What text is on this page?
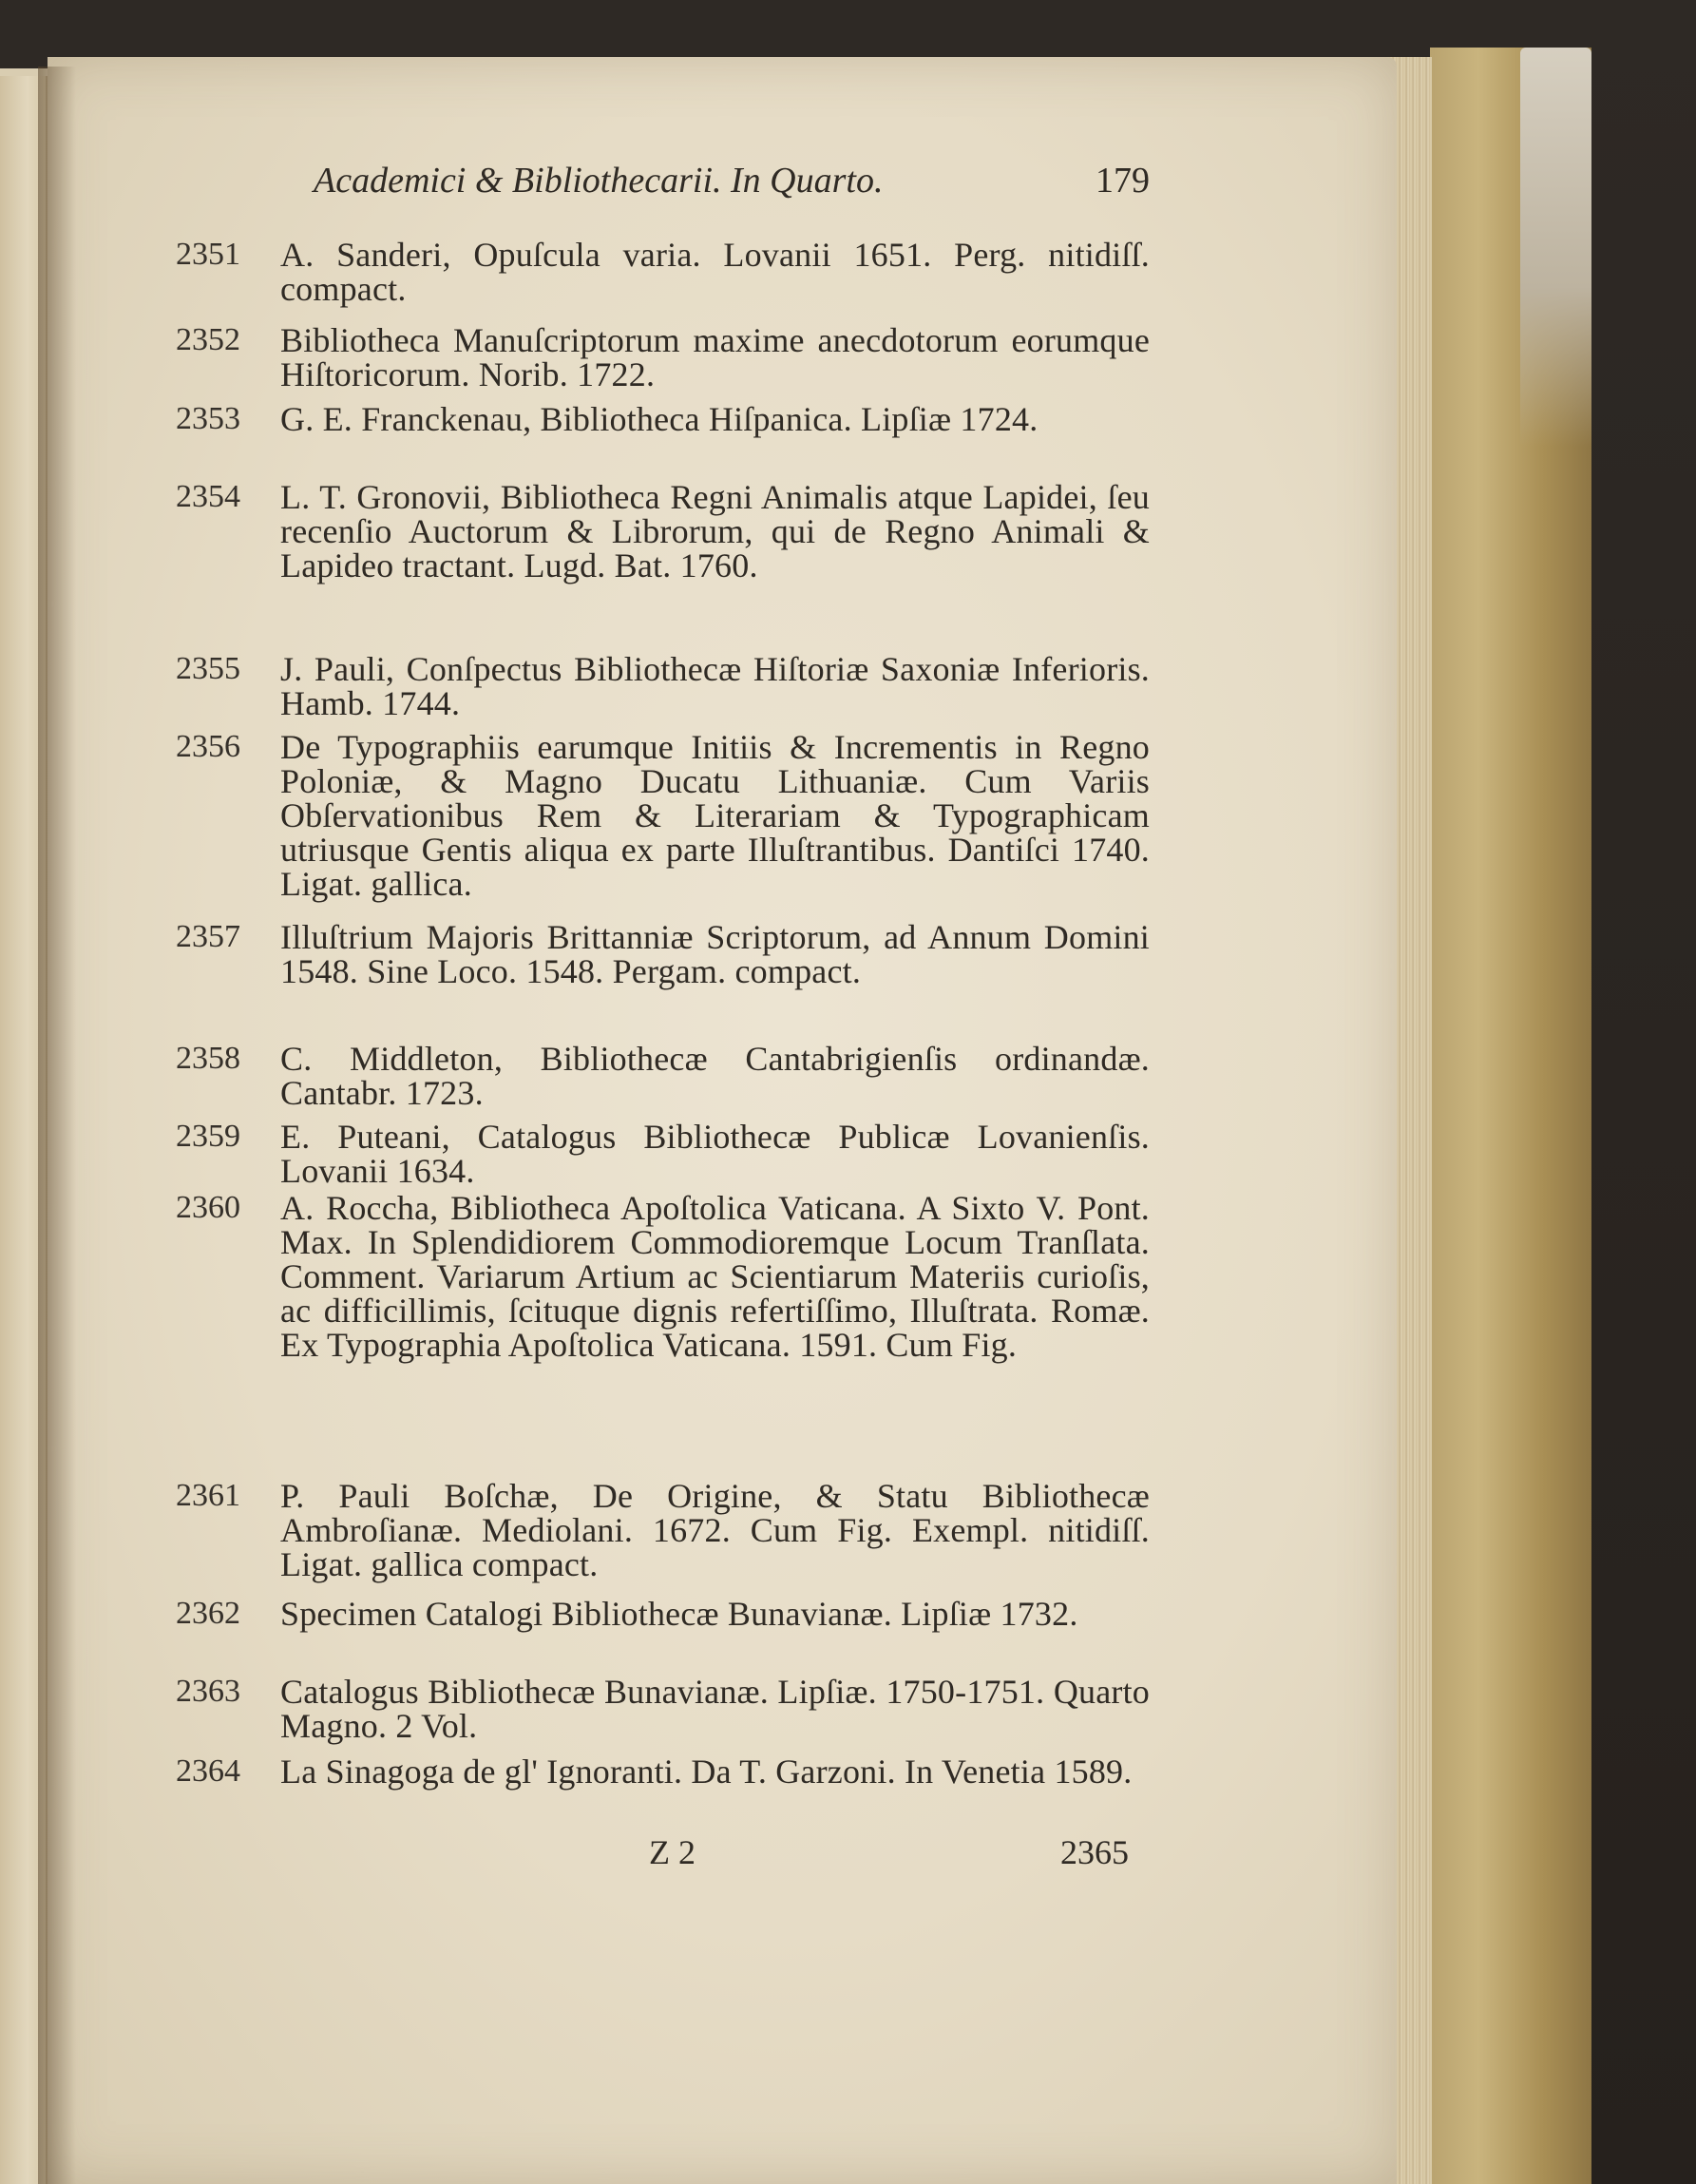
Academici & Bibliothecarii. In Quarto.	179
2351	A. Sanderi, Opuſcula varia. Lovanii 1651. Perg. nitidiſſ. compact.
2352	Bibliotheca Manuſcriptorum maxime anecdotorum eorumque Hiſtoricorum. Norib. 1722.
2353	G. E. Franckenau, Bibliotheca Hiſpanica. Lipſiæ 1724.
2354	L. T. Gronovii, Bibliotheca Regni Animalis atque Lapidei, ſeu recenſio Auctorum & Librorum, qui de Regno Animali & Lapideo tractant. Lugd. Bat. 1760.
2355	J. Pauli, Conſpectus Bibliothecæ Hiſtoriæ Saxoniæ Inferioris. Hamb. 1744.
2356	De Typographiis earumque Initiis & Incrementis in Regno Poloniæ, & Magno Ducatu Lithuaniæ. Cum Variis Obſervationibus Rem & Literariam & Typographicam utriusque Gentis aliqua ex parte Illuſtrantibus. Dantiſci 1740. Ligat. gallica.
2357	Illuſtrium Majoris Brittanniæ Scriptorum, ad Annum Domini 1548. Sine Loco. 1548. Pergam. compact.
2358	C. Middleton, Bibliothecæ Cantabrigienſis ordinandæ. Cantabr. 1723.
2359	E. Puteani, Catalogus Bibliothecæ Publicæ Lovanienſis. Lovanii 1634.
2360	A. Roccha, Bibliotheca Apoſtolica Vaticana. A Sixto V. Pont. Max. In Splendidiorem Commodioremque Locum Tranſlata. Comment. Variarum Artium ac Scientiarum Materiis curioſis, ac difficillimis, ſcituque dignis refertiſſimo, Illuſtrata. Romæ. Ex Typographia Apoſtolica Vaticana. 1591. Cum Fig.
2361	P. Pauli Boſchæ, De Origine, & Statu Bibliothecæ Ambroſianæ. Mediolani. 1672. Cum Fig. Exempl. nitidiſſ. Ligat. gallica compact.
2362	Specimen Catalogi Bibliothecæ Bunavianæ. Lipſiæ 1732.
2363	Catalogus Bibliothecæ Bunavianæ. Lipſiæ. 1750-1751. Quarto Magno. 2 Vol.
2364	La Sinagoga de gl' Ignoranti. Da T. Garzoni. In Venetia 1589.
Z 2	2365
